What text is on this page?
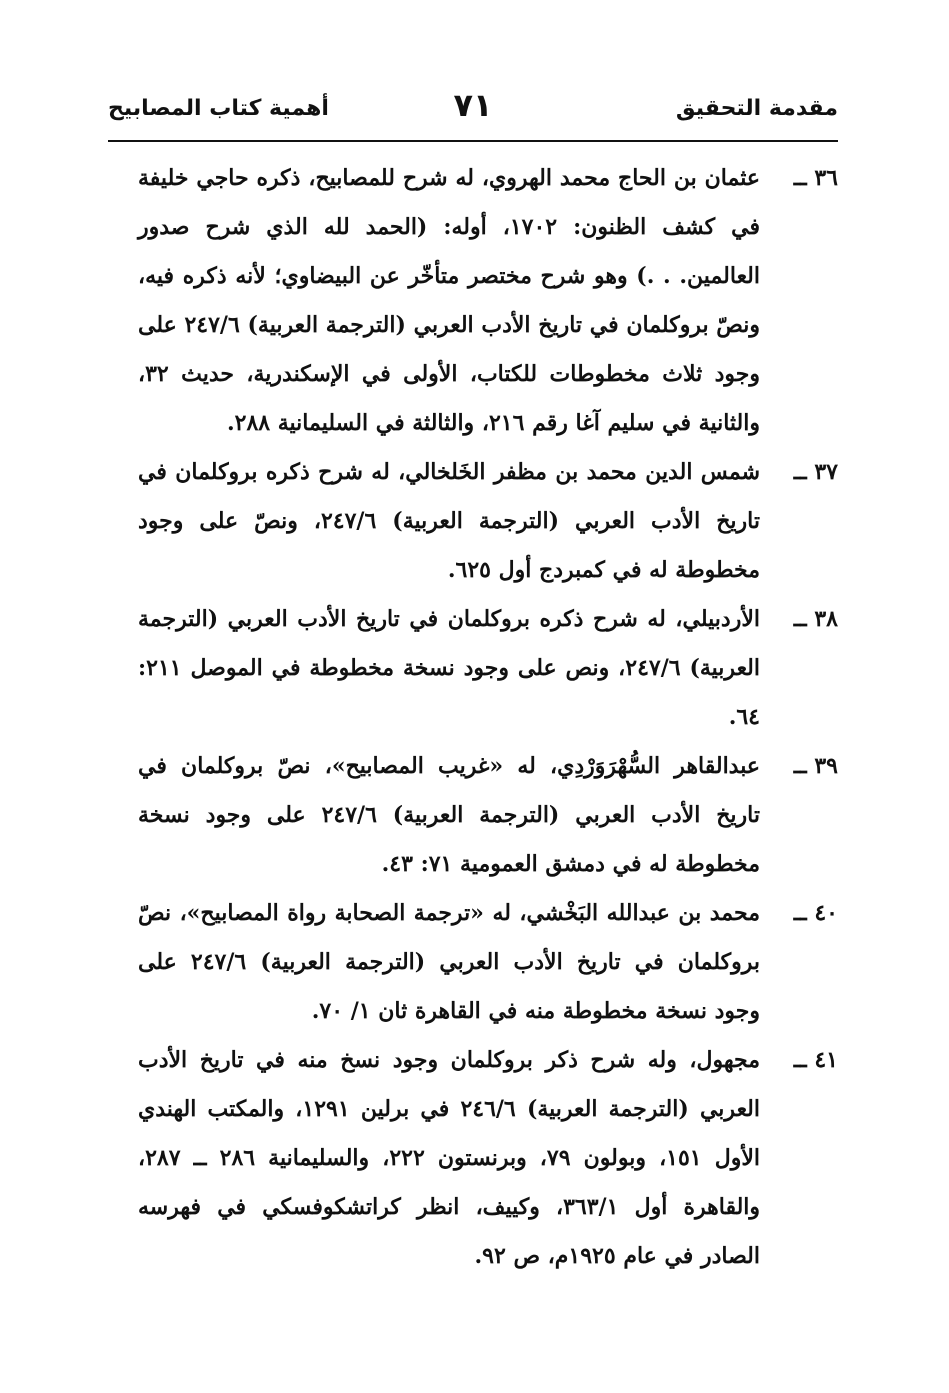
مقدمة التحقيق
٧١
أهمية كتاب المصابيح
٣٦ ــ
عثمان بن الحاج محمد الهروي، له شرح للمصابيح، ذكره حاجي خليفة في كشف الظنون: ١٧٠٢، أوله: (الحمد لله الذي شرح صدور العالمين. . .) وهو شرح مختصر متأخّر عن البيضاوي؛ لأنه ذكره فيه، ونصّ بروكلمان في تاريخ الأدب العربي (الترجمة العربية) ٢٤٧/٦ على وجود ثلاث مخطوطات للكتاب، الأولى في الإسكندرية، حديث ٣٢، والثانية في سليم آغا رقم ٢١٦، والثالثة في السليمانية ٢٨٨.
٣٧ ــ
شمس الدين محمد بن مظفر الخَلخالي، له شرح ذكره بروكلمان في تاريخ الأدب العربي (الترجمة العربية) ٢٤٧/٦، ونصّ على وجود مخطوطة له في كمبردج أول ٦٢٥.
٣٨ ــ
الأردبيلي، له شرح ذكره بروكلمان في تاريخ الأدب العربي (الترجمة العربية) ٢٤٧/٦، ونص على وجود نسخة مخطوطة في الموصل ٢١١: ٦٤.
٣٩ ــ
عبدالقاهر السُّهْرَوَرْدِي، له «غريب المصابيح»، نصّ بروكلمان في تاريخ الأدب العربي (الترجمة العربية) ٢٤٧/٦ على وجود نسخة مخطوطة له في دمشق العمومية ٧١: ٤٣.
٤٠ ــ
محمد بن عبدالله البَخْشي، له «ترجمة الصحابة رواة المصابيح»، نصّ بروكلمان في تاريخ الأدب العربي (الترجمة العربية) ٢٤٧/٦ على وجود نسخة مخطوطة منه في القاهرة ثان ١/ ٧٠.
٤١ ــ
مجهول، وله شرح ذكر بروكلمان وجود نسخ منه في تاريخ الأدب العربي (الترجمة العربية) ٢٤٦/٦ في برلين ١٢٩١، والمكتب الهندي الأول ١٥١، وبولون ٧٩، وبرنستون ٢٢٢، والسليمانية ٢٨٦ ــ ٢٨٧، والقاهرة أول ٣٦٣/١، وكييف، انظر كراتشكوفسكي في فهرسه الصادر في عام ١٩٢٥م، ص ٩٢.
